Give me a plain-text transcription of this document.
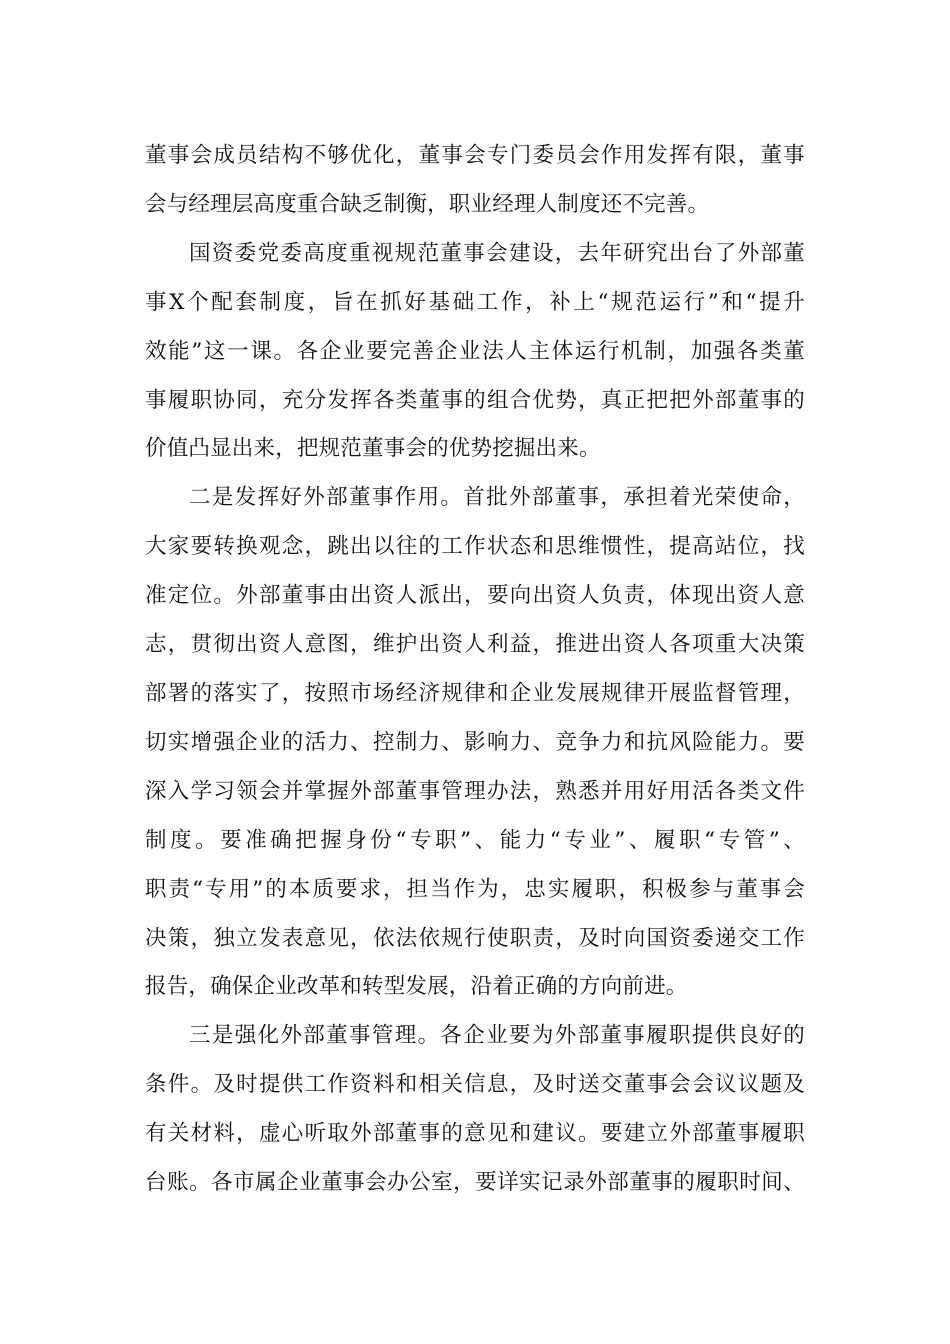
董事会成员结构不够优化，董事会专门委员会作用发挥有限，董事
会与经理层高度重合缺乏制衡，职业经理人制度还不完善。
国资委党委高度重视规范董事会建设，去年研究出台了外部董
事X个配套制度，旨在抓好基础工作，补上“规范运行”和“提升
效能”这一课。各企业要完善企业法人主体运行机制，加强各类董
事履职协同，充分发挥各类董事的组合优势，真正把把外部董事的
价值凸显出来，把规范董事会的优势挖掘出来。
二是发挥好外部董事作用。首批外部董事，承担着光荣使命，
大家要转换观念，跳出以往的工作状态和思维惯性，提高站位，找
准定位。外部董事由出资人派出，要向出资人负责，体现出资人意
志，贯彻出资人意图，维护出资人利益，推进出资人各项重大决策
部署的落实了，按照市场经济规律和企业发展规律开展监督管理，
切实增强企业的活力、控制力、影响力、竞争力和抗风险能力。要
深入学习领会并掌握外部董事管理办法，熟悉并用好用活各类文件
制度。要准确把握身份“专职”、能力“专业”、履职“专管”、
职责“专用”的本质要求，担当作为，忠实履职，积极参与董事会
决策，独立发表意见，依法依规行使职责，及时向国资委递交工作
报告，确保企业改革和转型发展，沿着正确的方向前进。
三是强化外部董事管理。各企业要为外部董事履职提供良好的
条件。及时提供工作资料和相关信息，及时送交董事会会议议题及
有关材料，虚心听取外部董事的意见和建议。要建立外部董事履职
台账。各市属企业董事会办公室，要详实记录外部董事的履职时间、
